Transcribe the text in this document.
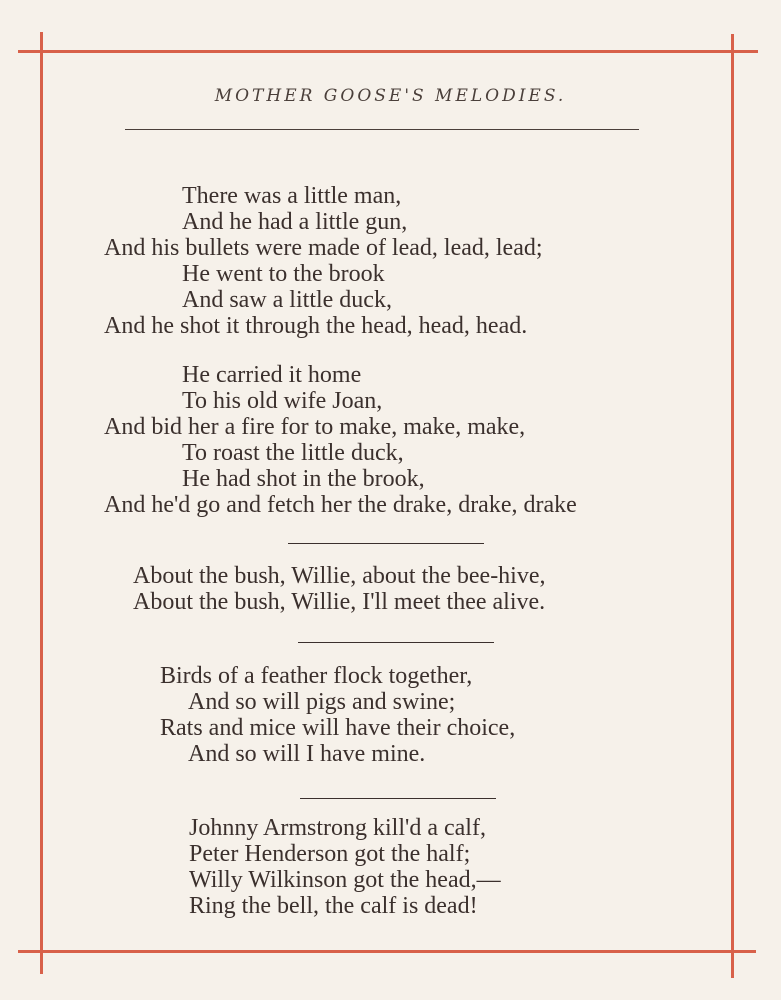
MOTHER GOOSE'S MELODIES.
There was a little man,
And he had a little gun,
And his bullets were made of lead, lead, lead;
He went to the brook
And saw a little duck,
And he shot it through the head, head, head.
He carried it home
To his old wife Joan,
And bid her a fire for to make, make, make,
To roast the little duck,
He had shot in the brook,
And he'd go and fetch her the drake, drake, drake
About the bush, Willie, about the bee-hive,
About the bush, Willie, I'll meet thee alive.
Birds of a feather flock together,
And so will pigs and swine;
Rats and mice will have their choice,
And so will I have mine.
Johnny Armstrong kill'd a calf,
Peter Henderson got the half;
Willy Wilkinson got the head,—
Ring the bell, the calf is dead!
